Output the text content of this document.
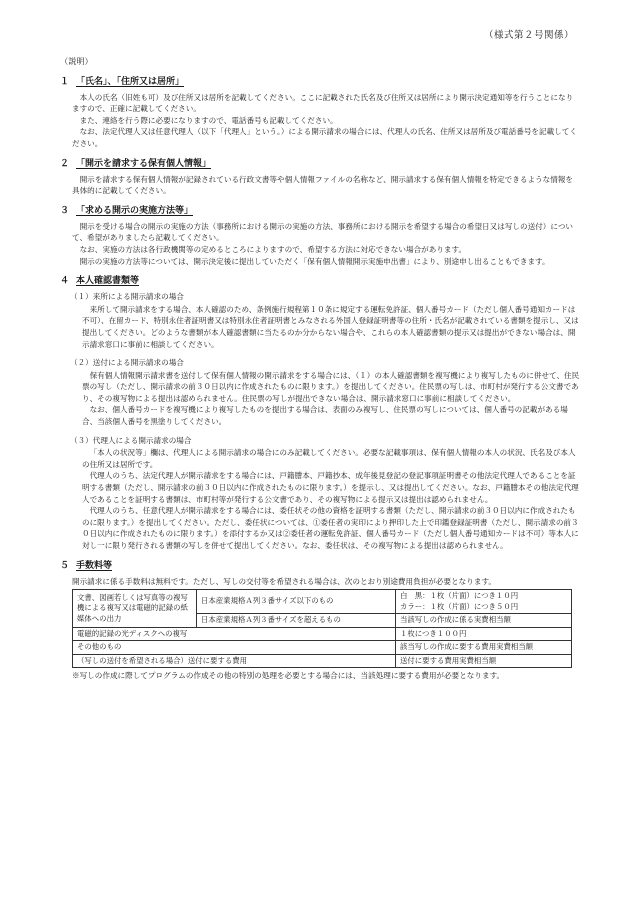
（様式第２号関係）
（説明）
１ 「氏名」、「住所又は居所」

本人の氏名（旧姓も可）及び住所又は居所を記載してください。ここに記載された氏名及び住所又は居所により開示決定通知等を行うことになりますので、正確に記載してください。

また、連絡を行う際に必要になりますので、電話番号も記載してください。

なお、法定代理人又は任意代理人（以下「代理人」という。）による開示請求の場合には、代理人の氏名、住所又は居所及び電話番号を記載してください。

２ 「開示を請求する保有個人情報」

開示を請求する保有個人情報が記録されている行政文書等や個人情報ファイルの名称など、開示請求する保有個人情報を特定できるような情報を具体的に記載してください。

３ 「求める開示の実施方法等」

開示を受ける場合の開示の実施の方法（事務所における開示の実施の方法、事務所における開示を希望する場合の希望日又は写しの送付）について、希望がありましたら記載してください。

なお、実施の方法は各行政機関等の定めるところによりますので、希望する方法に対応できない場合があります。

開示の実施の方法等については、開示決定後に提出していただく「保有個人情報開示実施申出書」により、別途申し出ることもできます。

４ 本人確認書類等
（１）来所による開示請求の場合

来所して開示請求をする場合、本人確認のため、条例施行規程第１０条に規定する運転免許証、個人番号カード（ただし個人番号通知カードは不可）、在留カード、特別永住者証明書又は特別永住者証明書とみなされる外国人登録証明書等の住所・氏名が記載されている書類を提示し、又は提出してください。どのような書類が本人確認書類に当たるのか分からない場合や、これらの本人確認書類の提示又は提出ができない場合は、開示請求窓口に事前に相談してください。

（２）送付による開示請求の場合

保有個人情報開示請求書を送付して保有個人情報の開示請求をする場合には、（１）の本人確認書類を複写機により複写したものに併せて、住民票の写し（ただし、開示請求の前３０日以内に作成されたものに限ります。）を提出してください。住民票の写しは、市町村が発行する公文書であり、その複写物による提出は認められません。住民票の写しが提出できない場合は、開示請求窓口に事前に相談してください。

なお、個人番号カードを複写機により複写したものを提出する場合は、表面のみ複写し、住民票の写しについては、個人番号の記載がある場合、当該個人番号を黒塗りしてください。

（３）代理人による開示請求の場合

「本人の状況等」欄は、代理人による開示請求の場合にのみ記載してください。必要な記載事項は、保有個人情報の本人の状況、氏名及び本人の住所又は居所です。

代理人のうち、法定代理人が開示請求をする場合には、戸籍謄本、戸籍抄本、成年後見登記の登記事項証明書その他法定代理人であることを証明する書類（ただし、開示請求の前３０日以内に作成されたものに限ります。）を提示し、又は提出してください。なお、戸籍謄本その他法定代理人であることを証明する書類は、市町村等が発行する公文書であり、その複写物による提示又は提出は認められません。

代理人のうち、任意代理人が開示請求をする場合には、委任状その他の資格を証明する書類（ただし、開示請求の前３０日以内に作成されたものに限ります。）を提出してください。ただし、委任状については、①委任者の実印により押印した上で印鑑登録証明書（ただし、開示請求の前３０日以内に作成されたものに限ります。）を添付するか又は②委任者の運転免許証、個人番号カード（ただし個人番号通知カードは不可）等本人に対し一に限り発行される書類の写しを併せて提出してください。なお、委任状は、その複写物による提出は認められません。

５ 手数料等

開示請求に係る手数料は無料です。ただし、写しの交付等を希望される場合は、次のとおり別途費用負担が必要となります。

文書、図画若しくは写真等の複写機による複写又は電磁的記録の紙媒体への出力	日本産業規格Ａ列３番サイズ以下のもの	白　黒：１枚（片面）につき１０円
カラー：１枚（片面）につき５０円

	日本産業規格Ａ列３番サイズを超えるもの	当該写しの作成に係る実費相当額
電磁的記録の光ディスクへの複写		１枚につき１００円
その他のもの		該当写しの作成に要する費用実費相当額
（写しの送付を希望される場合）送付に要する費用		送付に要する費用実費相当額

※写しの作成に際してプログラムの作成その他の特別の処理を必要とする場合には、当該処理に要する費用が必要となります。
